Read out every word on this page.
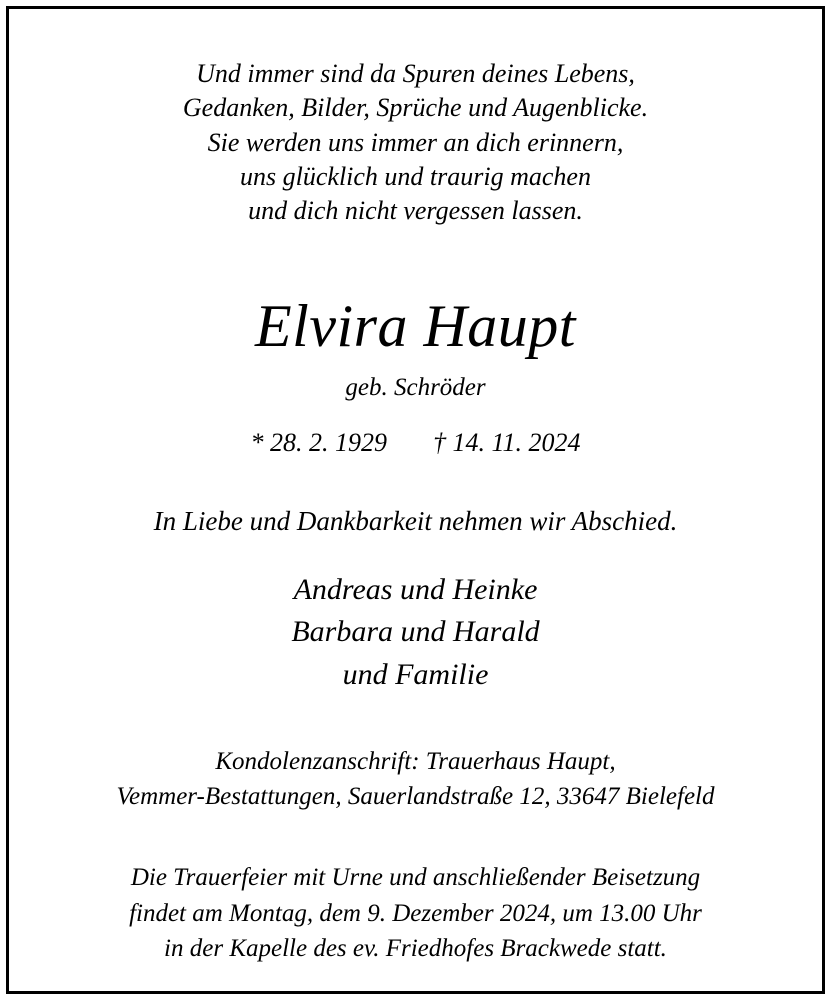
Und immer sind da Spuren deines Lebens,
Gedanken, Bilder, Sprüche und Augenblicke.
Sie werden uns immer an dich erinnern,
uns glücklich und traurig machen
und dich nicht vergessen lassen.
Elvira Haupt
geb. Schröder
* 28. 2. 1929 † 14. 11. 2024
In Liebe und Dankbarkeit nehmen wir Abschied.
Andreas und Heinke
Barbara und Harald
und Familie
Kondolenzanschrift: Trauerhaus Haupt,
Vemmer-Bestattungen, Sauerlandstraße 12, 33647 Bielefeld
Die Trauerfeier mit Urne und anschließender Beisetzung
findet am Montag, dem 9. Dezember 2024, um 13.00 Uhr
in der Kapelle des ev. Friedhofes Brackwede statt.
